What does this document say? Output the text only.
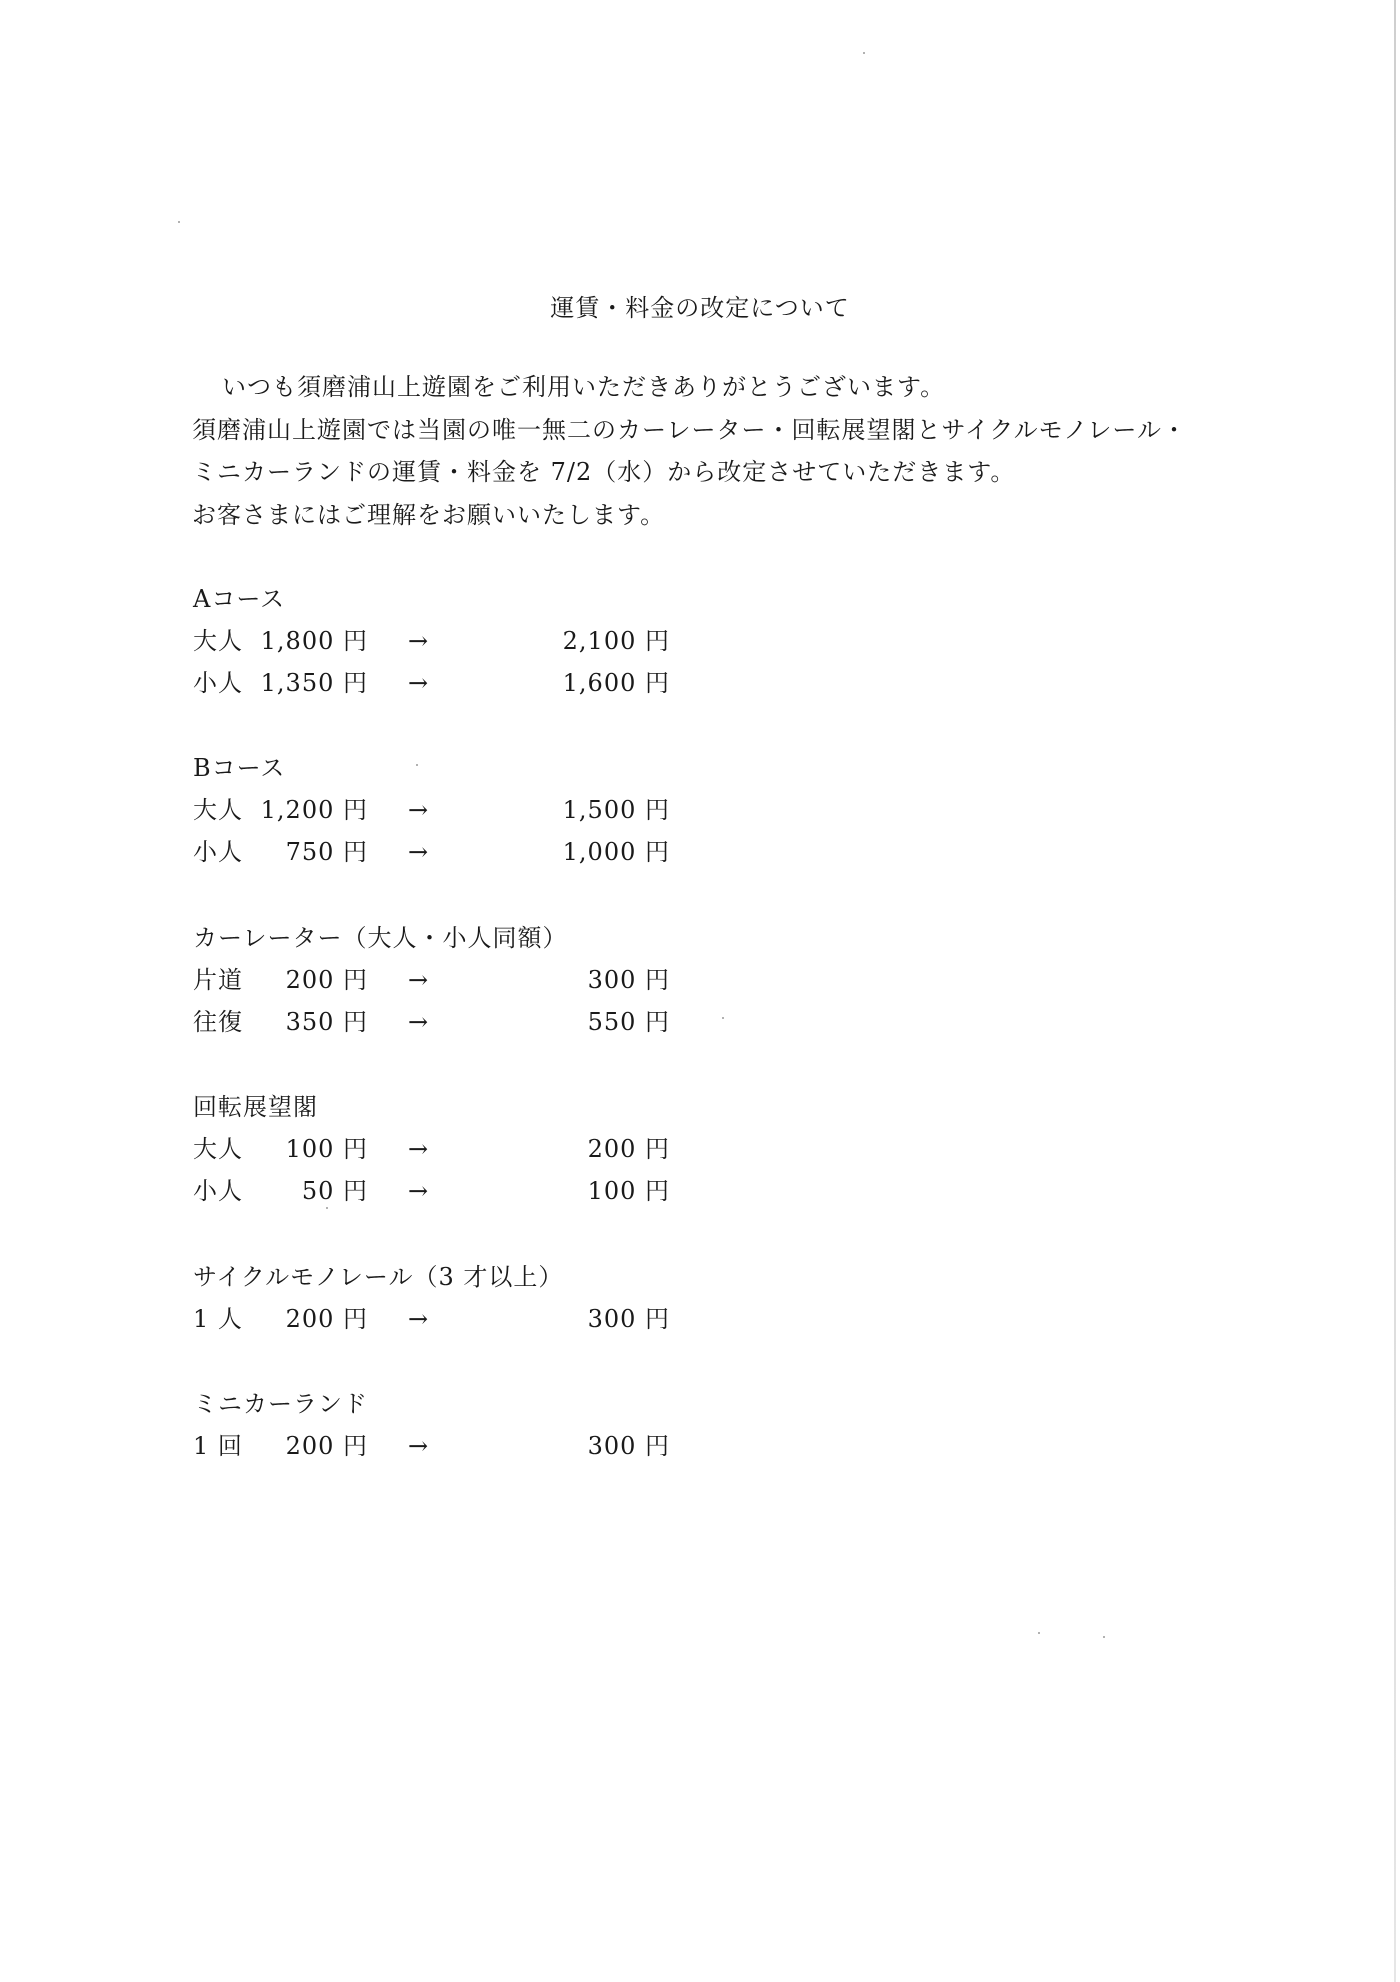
運賃・料金の改定について
いつも須磨浦山上遊園をご利用いただきありがとうございます。
須磨浦山上遊園では当園の唯一無二のカーレーター・回転展望閣とサイクルモノレール・
ミニカーランドの運賃・料金を 7/2（水）から改定させていただきます。
お客さまにはご理解をお願いいたします。
Aコース
大人 1,800 円 →	2,100 円
小人 1,350 円 →	1,600 円
Bコース
大人 1,200 円 →	1,500 円
小人	750 円 →	1,000 円
カーレーター（大人・小人同額）
片道	200 円 →	300 円
往復	350 円 →	550 円
回転展望閣
大人	100 円 →	200 円
小人	50 円 →	100 円
サイクルモノレール（3 才以上）
1 人	200 円 →	300 円
ミニカーランド
1 回	200 円 →	300 円
